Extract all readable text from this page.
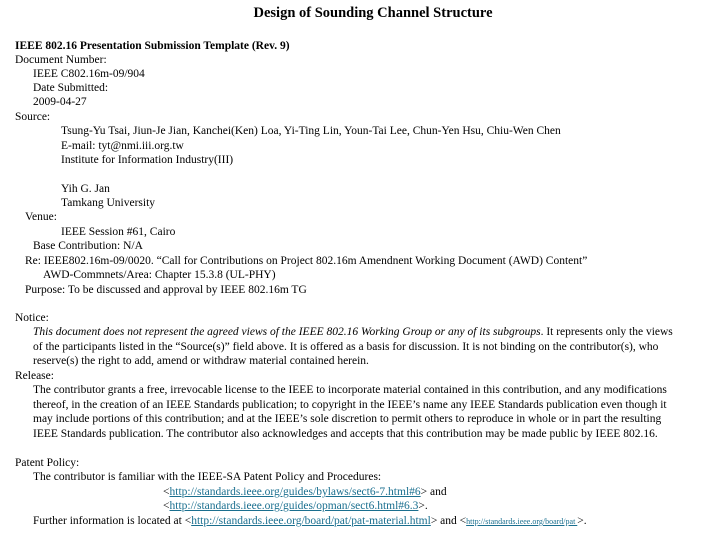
Design of Sounding Channel Structure
IEEE 802.16 Presentation Submission Template (Rev. 9)
Document Number:
IEEE C802.16m-09/904
Date Submitted:
2009-04-27
Source:
Tsung-Yu Tsai, Jiun-Je Jian, Kanchei(Ken) Loa, Yi-Ting Lin, Youn-Tai Lee, Chun-Yen Hsu, Chiu-Wen Chen
E-mail: tyt@nmi.iii.org.tw
Institute for Information Industry(III)
Yih G. Jan
Tamkang University
Venue:
IEEE Session #61, Cairo
Base Contribution: N/A
Re: IEEE802.16m-09/0020. “Call for Contributions on Project 802.16m Amendnent Working Document (AWD) Content”
AWD-Commnets/Area: Chapter 15.3.8 (UL-PHY)
Purpose: To be discussed and approval by IEEE 802.16m TG
Notice:
This document does not represent the agreed views of the IEEE 802.16 Working Group or any of its subgroups. It represents only the views
of the participants listed in the “Source(s)” field above. It is offered as a basis for discussion. It is not binding on the contributor(s), who
reserve(s) the right to add, amend or withdraw material contained herein.
Release:
The contributor grants a free, irrevocable license to the IEEE to incorporate material contained in this contribution, and any modifications
thereof, in the creation of an IEEE Standards publication; to copyright in the IEEE’s name any IEEE Standards publication even though it
may include portions of this contribution; and at the IEEE’s sole discretion to permit others to reproduce in whole or in part the resulting
IEEE Standards publication. The contributor also acknowledges and accepts that this contribution may be made public by IEEE 802.16.
Patent Policy:
The contributor is familiar with the IEEE-SA Patent Policy and Procedures:
<http://standards.ieee.org/guides/bylaws/sect6-7.html#6> and
<http://standards.ieee.org/guides/opman/sect6.html#6.3>.
Further information is located at <http://standards.ieee.org/board/pat/pat-material.html> and <http://standards.ieee.org/board/pat >.
